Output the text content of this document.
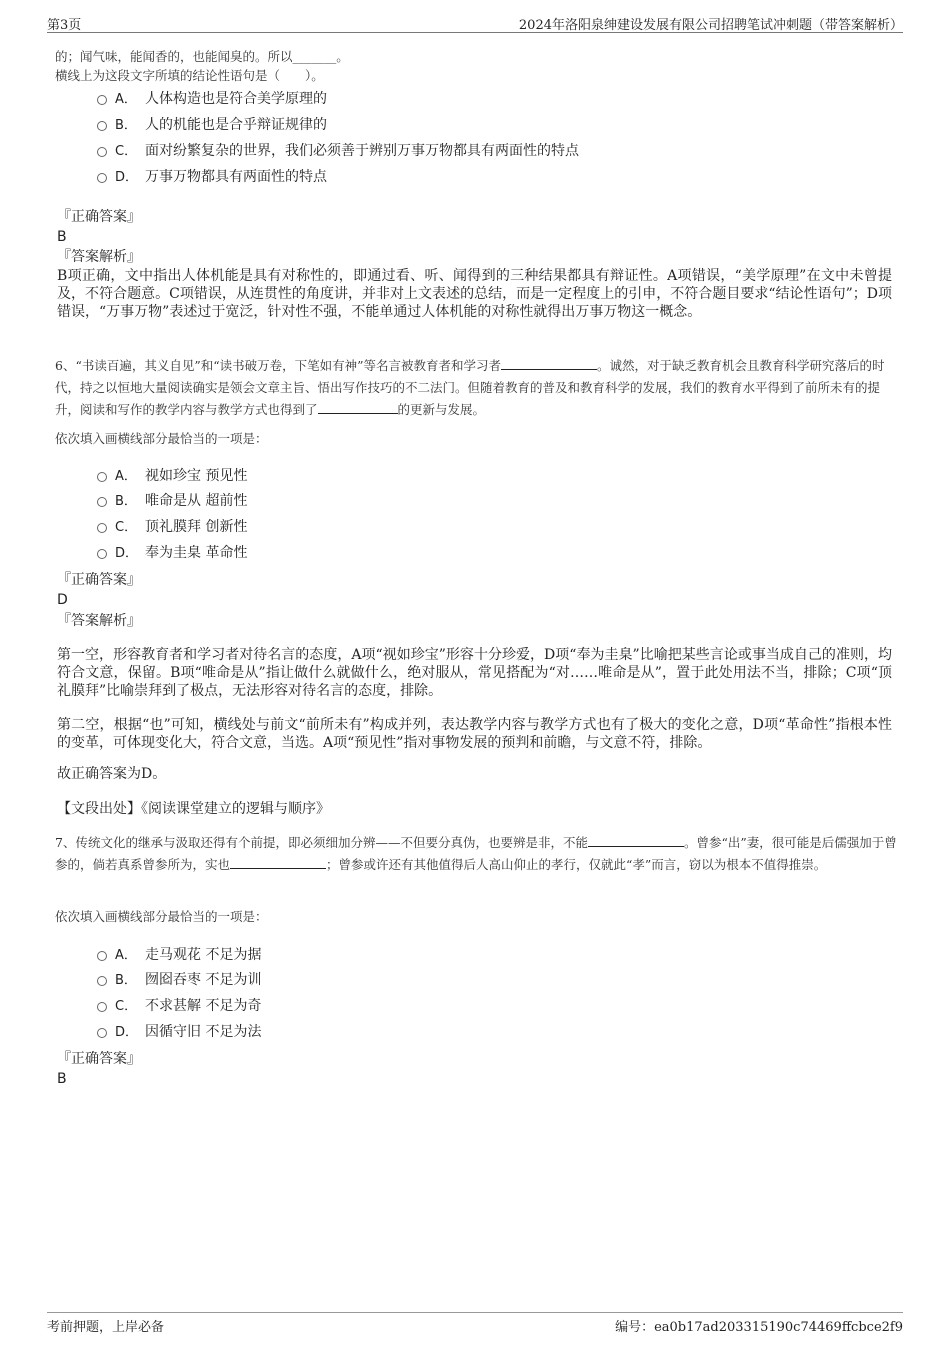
第3页	2024年洛阳泉绅建设发展有限公司招聘笔试冲刺题（带答案解析）
的；闻气味，能闻香的，也能闻臭的。所以_______。
横线上为这段文字所填的结论性语句是（　　）。
A． 人体构造也是符合美学原理的
B． 人的机能也是合乎辩证规律的
C． 面对纷繁复杂的世界，我们必须善于辨别万事万物都具有两面性的特点
D． 万事万物都具有两面性的特点
『正确答案』
B
『答案解析』
B项正确，文中指出人体机能是具有对称性的，即通过看、听、闻得到的三种结果都具有辩证性。A项错误，“美学原理”在文中未曾提及，不符合题意。C项错误，从连贯性的角度讲，并非对上文表述的总结，而是一定程度上的引申，不符合题目要求“结论性语句”；D项错误，“万事万物”表述过于宽泛，针对性不强，不能单通过人体机能的对称性就得出万事万物这一概念。
6、“书读百遍，其义自见”和“读书破万卷，下笔如有神”等名言被教育者和学习者	。诚然，对于缺乏教育机会且教育科学研究落后的时代，持之以恒地大量阅读确实是领会文章主旨、悟出写作技巧的不二法门。但随着教育的普及和教育科学的发展，我们的教育水平得到了前所未有的提升，阅读和写作的教学内容与教学方式也得到了	的更新与发展。
依次填入画横线部分最恰当的一项是：
A． 视如珍宝 预见性
B． 唯命是从 超前性
C． 顶礼膜拜 创新性
D． 奉为圭臬 革命性
『正确答案』
D
『答案解析』
第一空，形容教育者和学习者对待名言的态度，A项“视如珍宝”形容十分珍爱，D项“奉为圭臬”比喻把某些言论或事当成自己的准则，均符合文意，保留。B项“唯命是从”指让做什么就做什么，绝对服从，常见搭配为“对……唯命是从”，置于此处用法不当，排除；C项“顶礼膜拜”比喻崇拜到了极点，无法形容对待名言的态度，排除。
第二空，根据“也”可知，横线处与前文“前所未有”构成并列，表达教学内容与教学方式也有了极大的变化之意，D项“革命性”指根本性的变革，可体现变化大，符合文意，当选。A项“预见性”指对事物发展的预判和前瞻，与文意不符，排除。
故正确答案为D。
【文段出处】《阅读课堂建立的逻辑与顺序》
7、传统文化的继承与汲取还得有个前提，即必须细加分辨——不但要分真伪，也要辨是非，不能	。曾参“出”妻，很可能是后儒强加于曾参的，倘若真系曾参所为，实也	；曾参或许还有其他值得后人高山仰止的孝行，仅就此“孝”而言，窃以为根本不值得推崇。
依次填入画横线部分最恰当的一项是：
A． 走马观花 不足为据
B． 囫囵吞枣 不足为训
C． 不求甚解 不足为奇
D． 因循守旧 不足为法
『正确答案』
B
考前押题，上岸必备	编号：ea0b17ad203315190c74469ffcbce2f9
